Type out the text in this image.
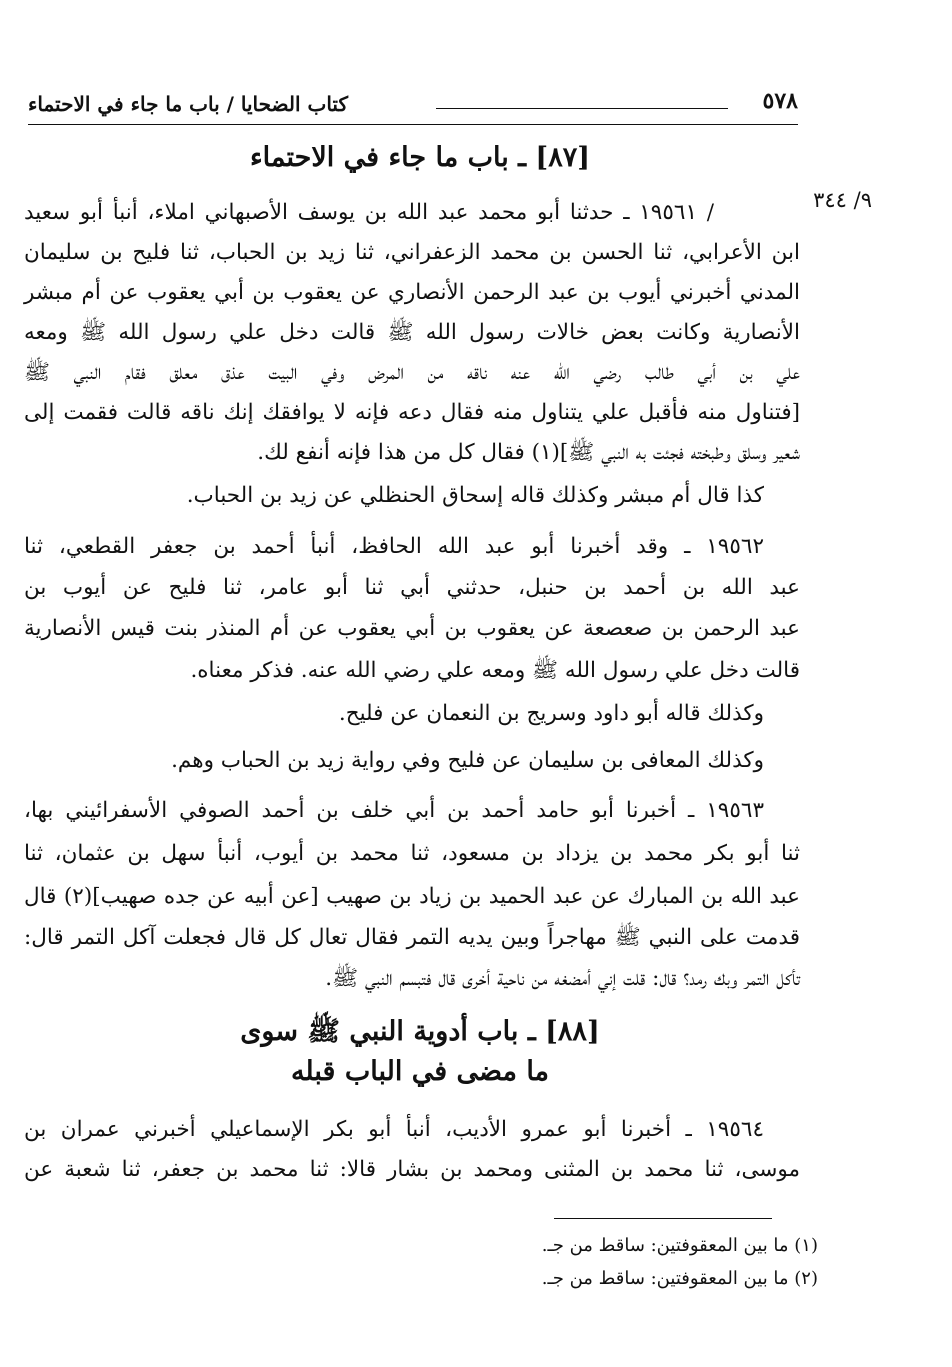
٥٧٨
كتاب الضحايا / باب ما جاء في الاحتماء
[٨٧] ـ باب ما جاء في الاحتماء
٩/ ٣٤٤
/ ١٩٥٦١ ـ حدثنا أبو محمد عبد الله بن يوسف الأصبهاني املاء، أنبأ أبو سعيد
ابن الأعرابي، ثنا الحسن بن محمد الزعفراني، ثنا زيد بن الحباب، ثنا فليح بن سليمان
المدني أخبرني أيوب بن عبد الرحمن الأنصاري عن يعقوب بن أبي يعقوب عن أم مبشر
الأنصارية وكانت بعض خالات رسول الله ﷺ قالت دخل علي رسول الله ﷺ ومعه
علي بن أبي طالب رضي الله عنه ناقه من المرض وفي البيت عذق معلق فقام النبي ﷺ
[فتناول منه فأقبل علي يتناول منه فقال دعه فإنه لا يوافقك إنك ناقه قالت فقمت إلى
شعير وسلق وطبخته فجئت به النبي ﷺ](١) فقال كل من هذا فإنه أنفع لك.
كذا قال أم مبشر وكذلك قاله إسحاق الحنظلي عن زيد بن الحباب.
١٩٥٦٢ ـ وقد أخبرنا أبو عبد الله الحافظ، أنبأ أحمد بن جعفر القطعي، ثنا
عبد الله بن أحمد بن حنبل، حدثني أبي ثنا أبو عامر، ثنا فليح عن أيوب بن
عبد الرحمن بن صعصعة عن يعقوب بن أبي يعقوب عن أم المنذر بنت قيس الأنصارية
قالت دخل علي رسول الله ﷺ ومعه علي رضي الله عنه. فذكر معناه.
وكذلك قاله أبو داود وسريج بن النعمان عن فليح.
وكذلك المعافى بن سليمان عن فليح وفي رواية زيد بن الحباب وهم.
١٩٥٦٣ ـ أخبرنا أبو حامد أحمد بن أبي خلف بن أحمد الصوفي الأسفرائيني بها،
ثنا أبو بكر محمد بن يزداد بن مسعود، ثنا محمد بن أيوب، أنبأ سهل بن عثمان، ثنا
عبد الله بن المبارك عن عبد الحميد بن زياد بن صهيب [عن أبيه عن جده صهيب](٢) قال
قدمت على النبي ﷺ مهاجراً وبين يديه التمر فقال تعال كل قال فجعلت آكل التمر قال:
تأكل التمر وبك رمد؟ قال: قلت إني أمضغه من ناحية أخرى قال فتبسم النبي ﷺ.
[٨٨] ـ باب أدوية النبي ﷺ سوى
ما مضى في الباب قبله
١٩٥٦٤ ـ أخبرنا أبو عمرو الأديب، أنبأ أبو بكر الإسماعيلي أخبرني عمران بن
موسى، ثنا محمد بن المثنى ومحمد بن بشار قالا: ثنا محمد بن جعفر، ثنا شعبة عن
(١) ما بين المعقوفتين: ساقط من جـ.
(٢) ما بين المعقوفتين: ساقط من جـ.
